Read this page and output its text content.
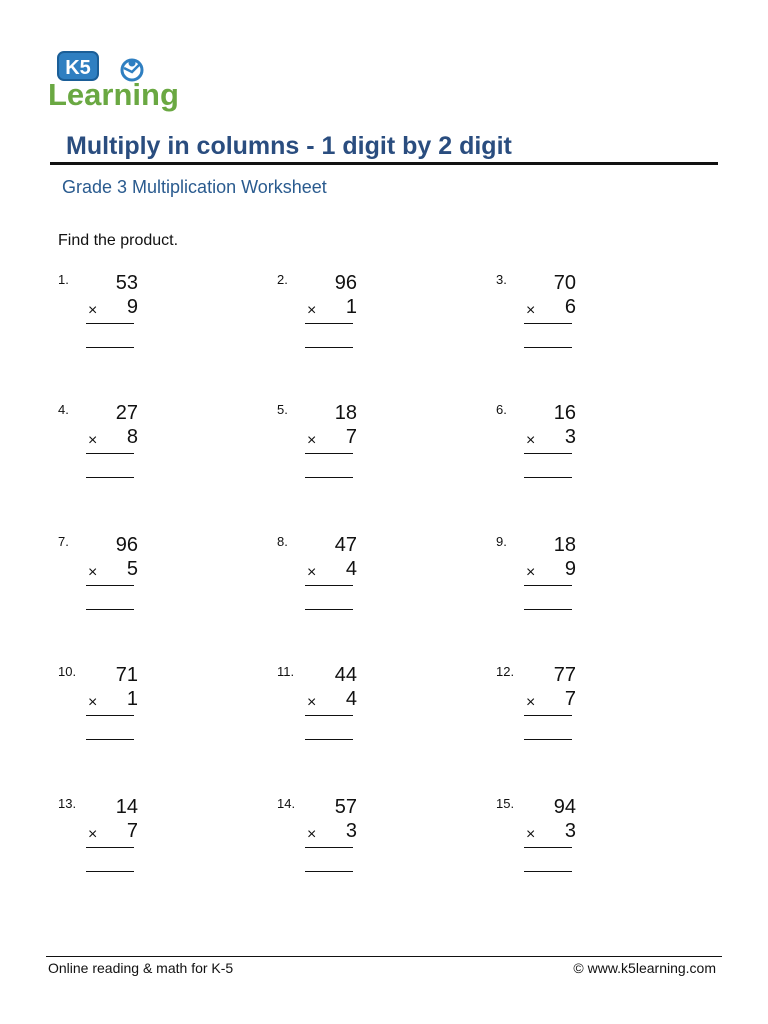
K5
Learning
Multiply in columns - 1 digit by 2 digit
Grade 3 Multiplication Worksheet
Find the product.
1. 53
× 9
2. 96
× 1
3. 70
× 6
4. 27
× 8
5. 18
× 7
6. 16
× 3
7. 96
× 5
8. 47
× 4
9. 18
× 9
10. 71
× 1
11. 44
× 4
12. 77
× 7
13. 14
× 7
14. 57
× 3
15. 94
× 3
Online reading & math for K-5	© www.k5learning.com
